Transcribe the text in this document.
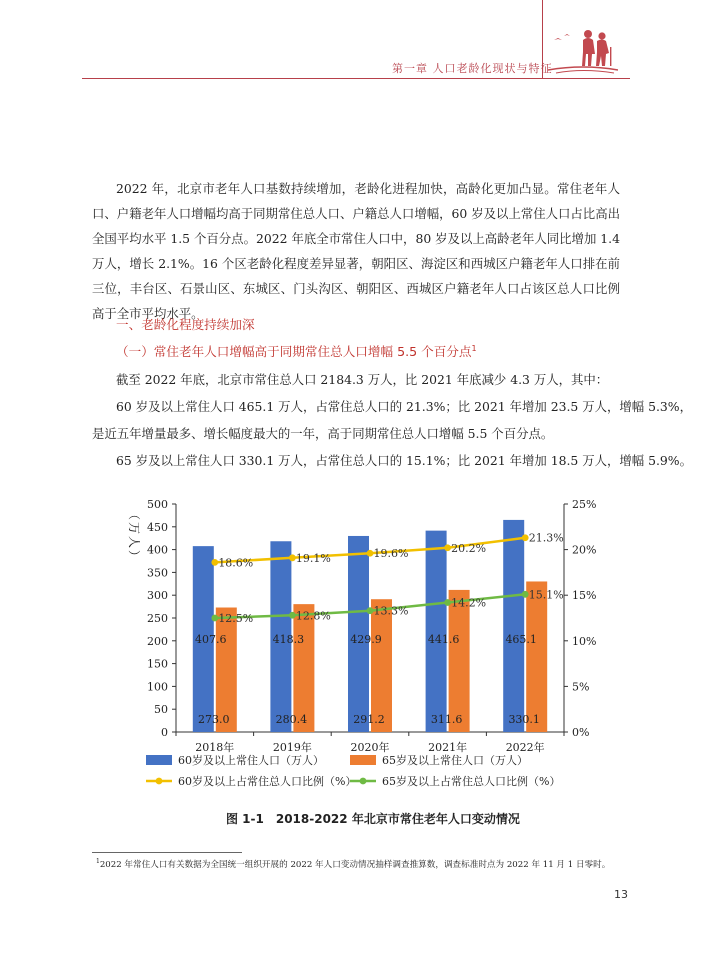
第一章 人口老龄化现状与特征
2022 年，北京市老年人口基数持续增加，老龄化进程加快，高龄化更加凸显。常住老年人口、户籍老年人口增幅均高于同期常住总人口、户籍总人口增幅，60 岁及以上常住人口占比高出全国平均水平 1.5 个百分点。2022 年底全市常住人口中，80 岁及以上高龄老年人同比增加 1.4 万人，增长 2.1%。16 个区老龄化程度差异显著，朝阳区、海淀区和西城区户籍老年人口排在前三位，丰台区、石景山区、东城区、门头沟区、朝阳区、西城区户籍老年人口占该区总人口比例高于全市平均水平。
一、老龄化程度持续加深
（一）常住老年人口增幅高于同期常住总人口增幅 5.5 个百分点$^1$
截至 2022 年底，北京市常住总人口 2184.3 万人，比 2021 年底减少 4.3 万人，其中：
60 岁及以上常住人口 465.1 万人，占常住总人口的 21.3%；比 2021 年增加 23.5 万人，增幅 5.3%，
是近五年增量最多、增长幅度最大的一年，高于同期常住总人口增幅 5.5 个百分点。
65 岁及以上常住人口 330.1 万人，占常住总人口的 15.1%；比 2021 年增加 18.5 万人，增幅 5.9%。
0
50
100
150
200
250
300
350
400
450
500
0%
5%
10%
15%
20%
25%
2018年	2019年	2020年	2021年	2022年
（
万
人
）
407.6	418.3	429.9	441.6	465.1
273.0	280.4	291.2	311.6	330.1
18.6%	19.1%	19.6%	20.2%
21.3%
12.5%	12.8%	13.3%
14.2%
15.1%
60岁及以上常住人口（万人）	65岁及以上常住人口（万人）
60岁及以上占常住总人口比例（%） 65岁及以上占常住总人口比例（%）
图 1-1　2018-2022 年北京市常住老年人口变动情况
$^1$2022 年常住人口有关数据为全国统一组织开展的 2022 年人口变动情况抽样调查推算数，调查标准时点为 2022 年 11 月 1 日零时。
13
